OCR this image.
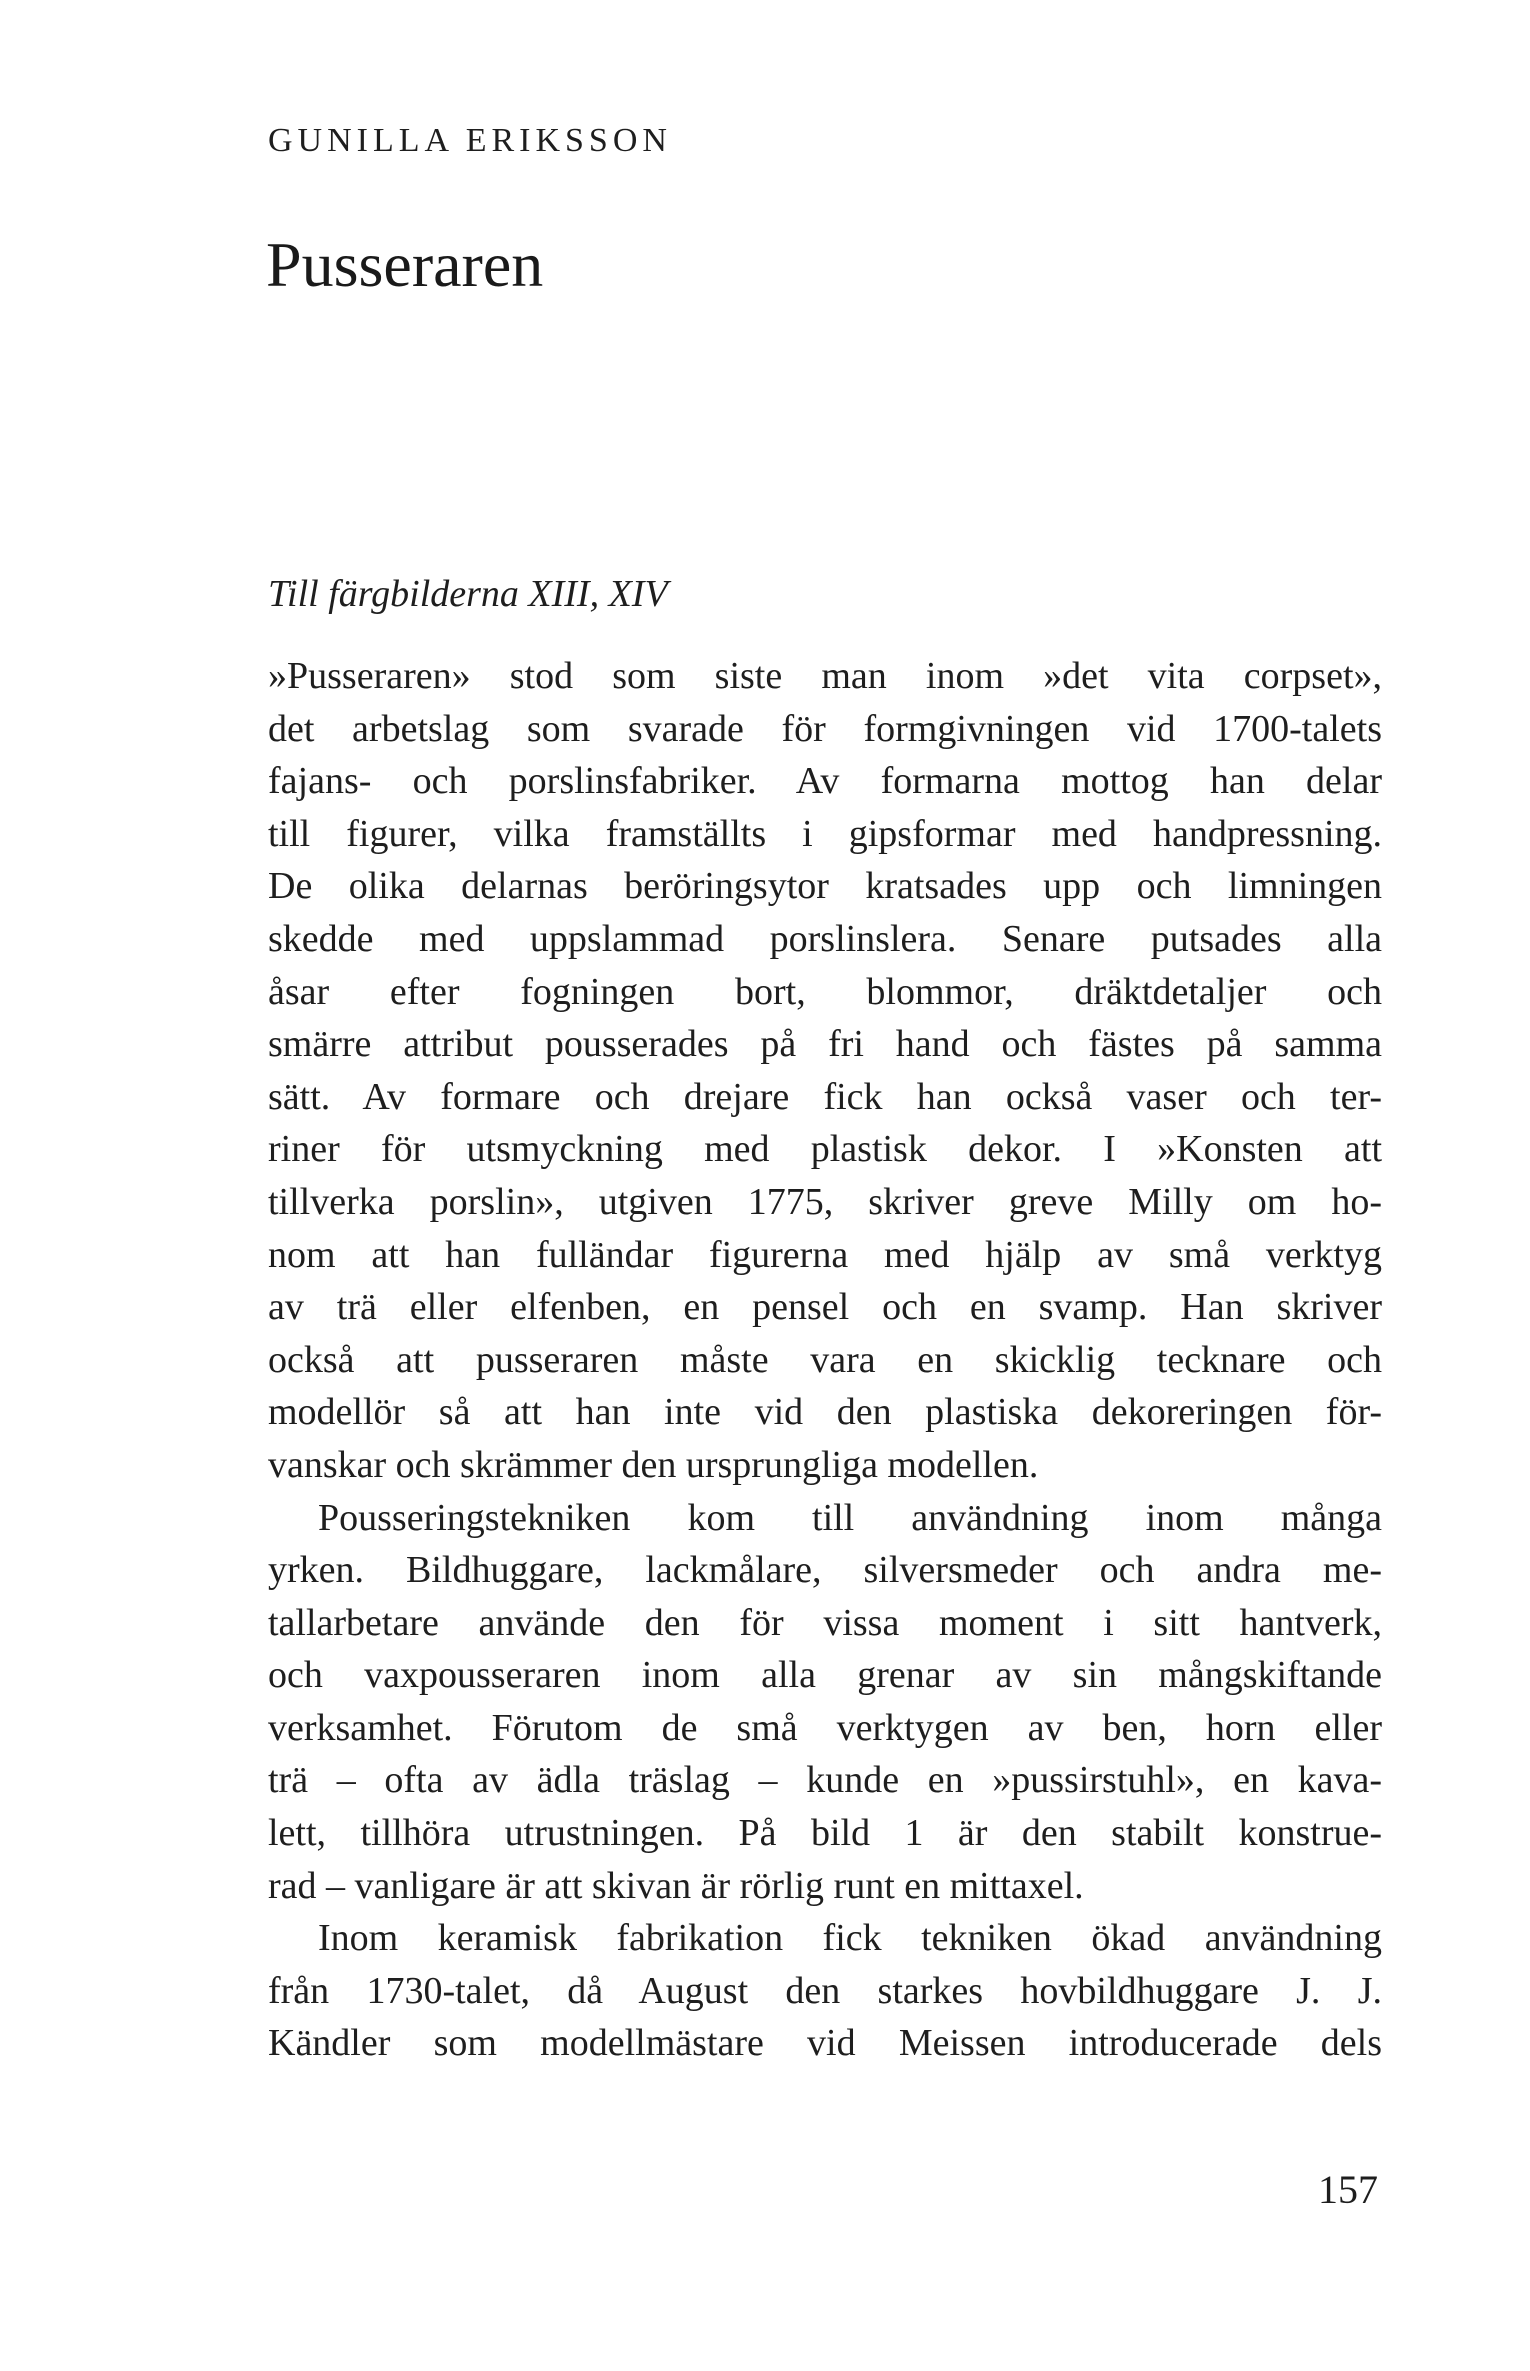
GUNILLA ERIKSSON
Pusseraren
Till färgbilderna XIII, XIV
»Pusseraren» stod som siste man inom »det vita corpset»,
det arbetslag som svarade för formgivningen vid 1700-talets
fajans- och porslinsfabriker. Av formarna mottog han delar
till figurer, vilka framställts i gipsformar med handpressning.
De olika delarnas beröringsytor kratsades upp och limningen
skedde med uppslammad porslinslera. Senare putsades alla
åsar efter fogningen bort, blommor, dräktdetaljer och
smärre attribut pousserades på fri hand och fästes på samma
sätt. Av formare och drejare fick han också vaser och ter-
riner för utsmyckning med plastisk dekor. I »Konsten att
tillverka porslin», utgiven 1775, skriver greve Milly om ho-
nom att han fulländar figurerna med hjälp av små verktyg
av trä eller elfenben, en pensel och en svamp. Han skriver
också att pusseraren måste vara en skicklig tecknare och
modellör så att han inte vid den plastiska dekoreringen för-
vanskar och skrämmer den ursprungliga modellen.
Pousseringstekniken kom till användning inom många
yrken. Bildhuggare, lackmålare, silversmeder och andra me-
tallarbetare använde den för vissa moment i sitt hantverk,
och vaxpousseraren inom alla grenar av sin mångskiftande
verksamhet. Förutom de små verktygen av ben, horn eller
trä – ofta av ädla träslag – kunde en »pussirstuhl», en kava-
lett, tillhöra utrustningen. På bild 1 är den stabilt konstrue-
rad – vanligare är att skivan är rörlig runt en mittaxel.
Inom keramisk fabrikation fick tekniken ökad användning
från 1730-talet, då August den starkes hovbildhuggare J. J.
Kändler som modellmästare vid Meissen introducerade dels
157
